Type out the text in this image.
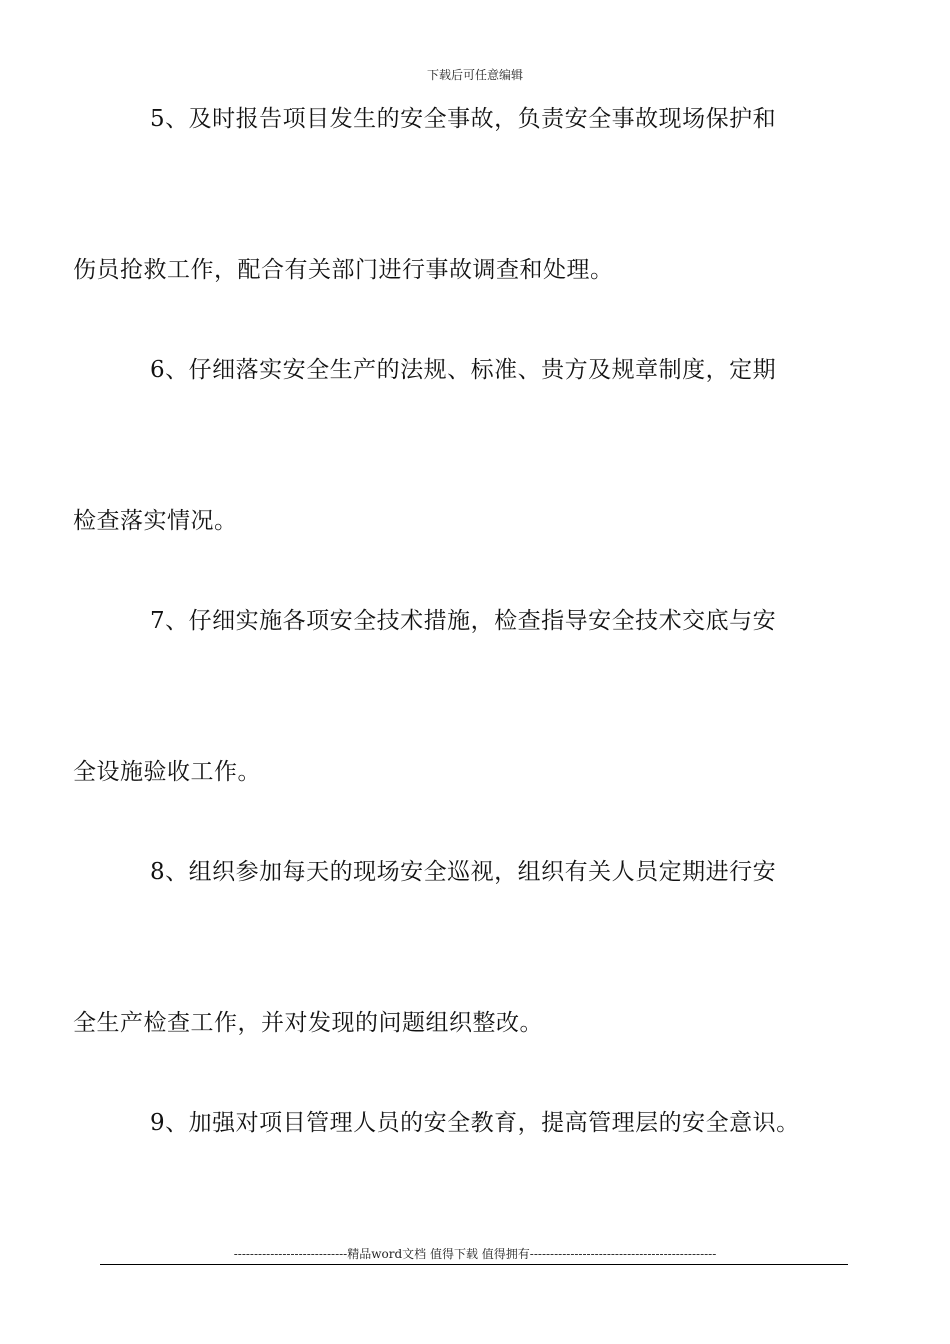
下载后可任意编辑
5、及时报告项目发生的安全事故，负责安全事故现场保护和
伤员抢救工作，配合有关部门进行事故调查和处理。
6、仔细落实安全生产的法规、标准、贵方及规章制度，定期
检查落实情况。
7、仔细实施各项安全技术措施，检查指导安全技术交底与安
全设施验收工作。
8、组织参加每天的现场安全巡视，组织有关人员定期进行安
全生产检查工作，并对发现的问题组织整改。
9、加强对项目管理人员的安全教育，提高管理层的安全意识。
----------------------------精品word文档 值得下载 值得拥有----------------------------------------------
